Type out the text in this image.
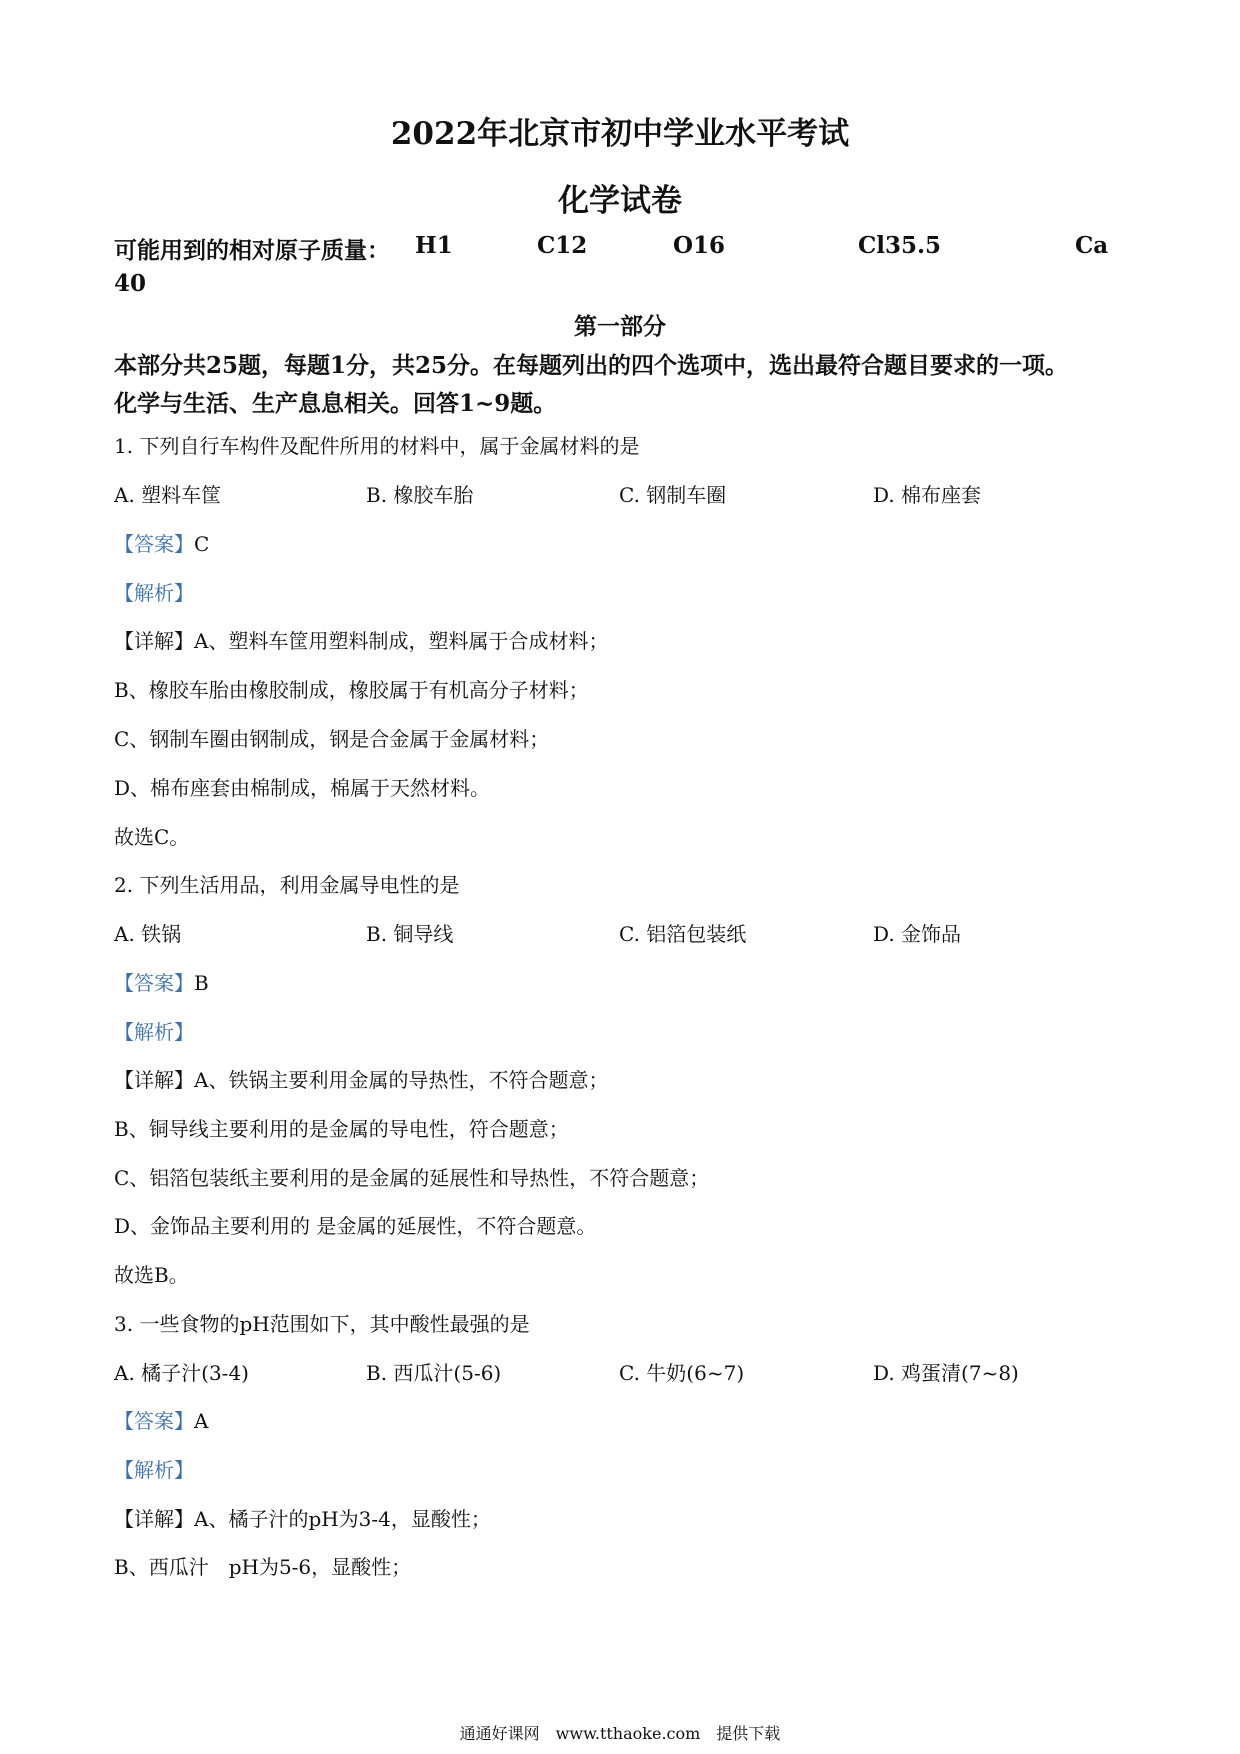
2022年北京市初中学业水平考试
化学试卷
可能用到的相对原子质量： H1	C12	O16	Cl35.5	Ca
40
第一部分
本部分共25题，每题1分，共25分。在每题列出的四个选项中，选出最符合题目要求的一项。
化学与生活、生产息息相关。回答1~9题。
1. 下列自行车构件及配件所用的材料中，属于金属材料的是
A. 塑料车筐	B. 橡胶车胎	C. 钢制车圈	D. 棉布座套
【答案】C
【解析】
【详解】A、塑料车筐用塑料制成，塑料属于合成材料；
B、橡胶车胎由橡胶制成，橡胶属于有机高分子材料；
C、钢制车圈由钢制成，钢是合金属于金属材料；
D、棉布座套由棉制成，棉属于天然材料。
故选C。
2. 下列生活用品，利用金属导电性的是
A. 铁锅	B. 铜导线	C. 铝箔包装纸	D. 金饰品
【答案】B
【解析】
【详解】A、铁锅主要利用金属的导热性，不符合题意；
B、铜导线主要利用的是金属的导电性，符合题意；
C、铝箔包装纸主要利用的是金属的延展性和导热性，不符合题意；
D、金饰品主要利用的 是金属的延展性，不符合题意。
故选B。
3. 一些食物的pH范围如下，其中酸性最强的是
A. 橘子汁(3-4)	B. 西瓜汁(5-6)	C. 牛奶(6~7)	D. 鸡蛋清(7~8)
【答案】A
【解析】
【详解】A、橘子汁的pH为3-4，显酸性；
B、西瓜汁　pH为5-6，显酸性；
通通好课网　www.tthaoke.com　提供下载
